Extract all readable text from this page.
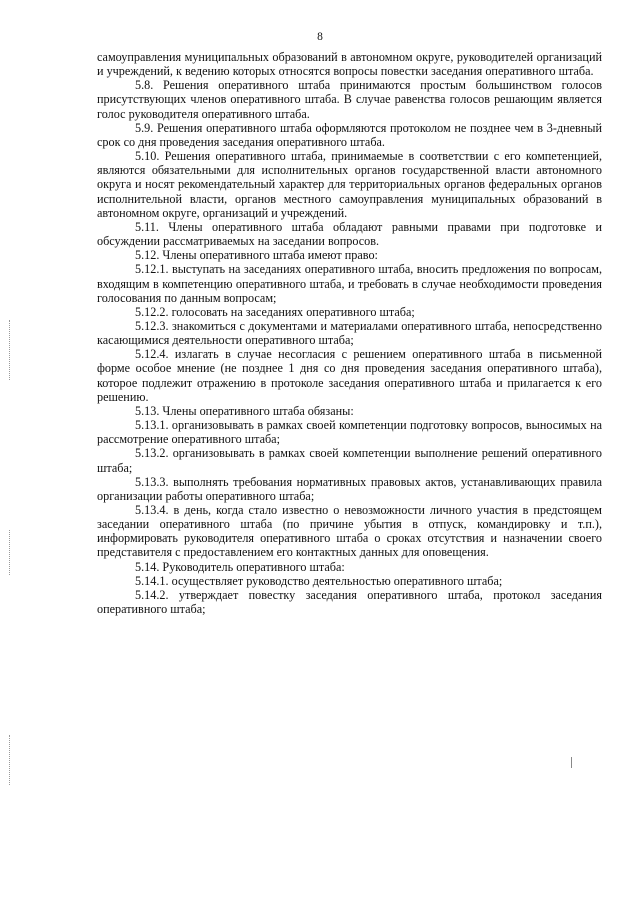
8

самоуправления муниципальных образований в автономном округе, руководителей организаций и учреждений, к ведению которых относятся вопросы повестки заседания оперативного штаба.

5.8. Решения оперативного штаба принимаются простым большинством голосов присутствующих членов оперативного штаба. В случае равенства голосов решающим является голос руководителя оперативного штаба.

5.9. Решения оперативного штаба оформляются протоколом не позднее чем в 3-дневный срок со дня проведения заседания оперативного штаба.

5.10. Решения оперативного штаба, принимаемые в соответствии с его компетенцией, являются обязательными для исполнительных органов государственной власти автономного округа и носят рекомендательный характер для территориальных органов федеральных органов исполнительной власти, органов местного самоуправления муниципальных образований в автономном округе, организаций и учреждений.

5.11. Члены оперативного штаба обладают равными правами при подготовке и обсуждении рассматриваемых на заседании вопросов.

5.12. Члены оперативного штаба имеют право:

5.12.1. выступать на заседаниях оперативного штаба, вносить предложения по вопросам, входящим в компетенцию оперативного штаба, и требовать в случае необходимости проведения голосования по данным вопросам;

5.12.2. голосовать на заседаниях оперативного штаба;

5.12.3. знакомиться с документами и материалами оперативного штаба, непосредственно касающимися деятельности оперативного штаба;

5.12.4. излагать в случае несогласия с решением оперативного штаба в письменной форме особое мнение (не позднее 1 дня со дня проведения заседания оперативного штаба), которое подлежит отражению в протоколе заседания оперативного штаба и прилагается к его решению.

5.13. Члены оперативного штаба обязаны:

5.13.1. организовывать в рамках своей компетенции подготовку вопросов, выносимых на рассмотрение оперативного штаба;

5.13.2. организовывать в рамках своей компетенции выполнение решений оперативного штаба;

5.13.3. выполнять требования нормативных правовых актов, устанавливающих правила организации работы оперативного штаба;

5.13.4. в день, когда стало известно о невозможности личного участия в предстоящем заседании оперативного штаба (по причине убытия в отпуск, командировку и т.п.), информировать руководителя оперативного штаба о сроках отсутствия и назначении своего представителя с предоставлением его контактных данных для оповещения.

5.14. Руководитель оперативного штаба:

5.14.1. осуществляет руководство деятельностью оперативного штаба;

5.14.2. утверждает повестку заседания оперативного штаба, протокол заседания оперативного штаба;
